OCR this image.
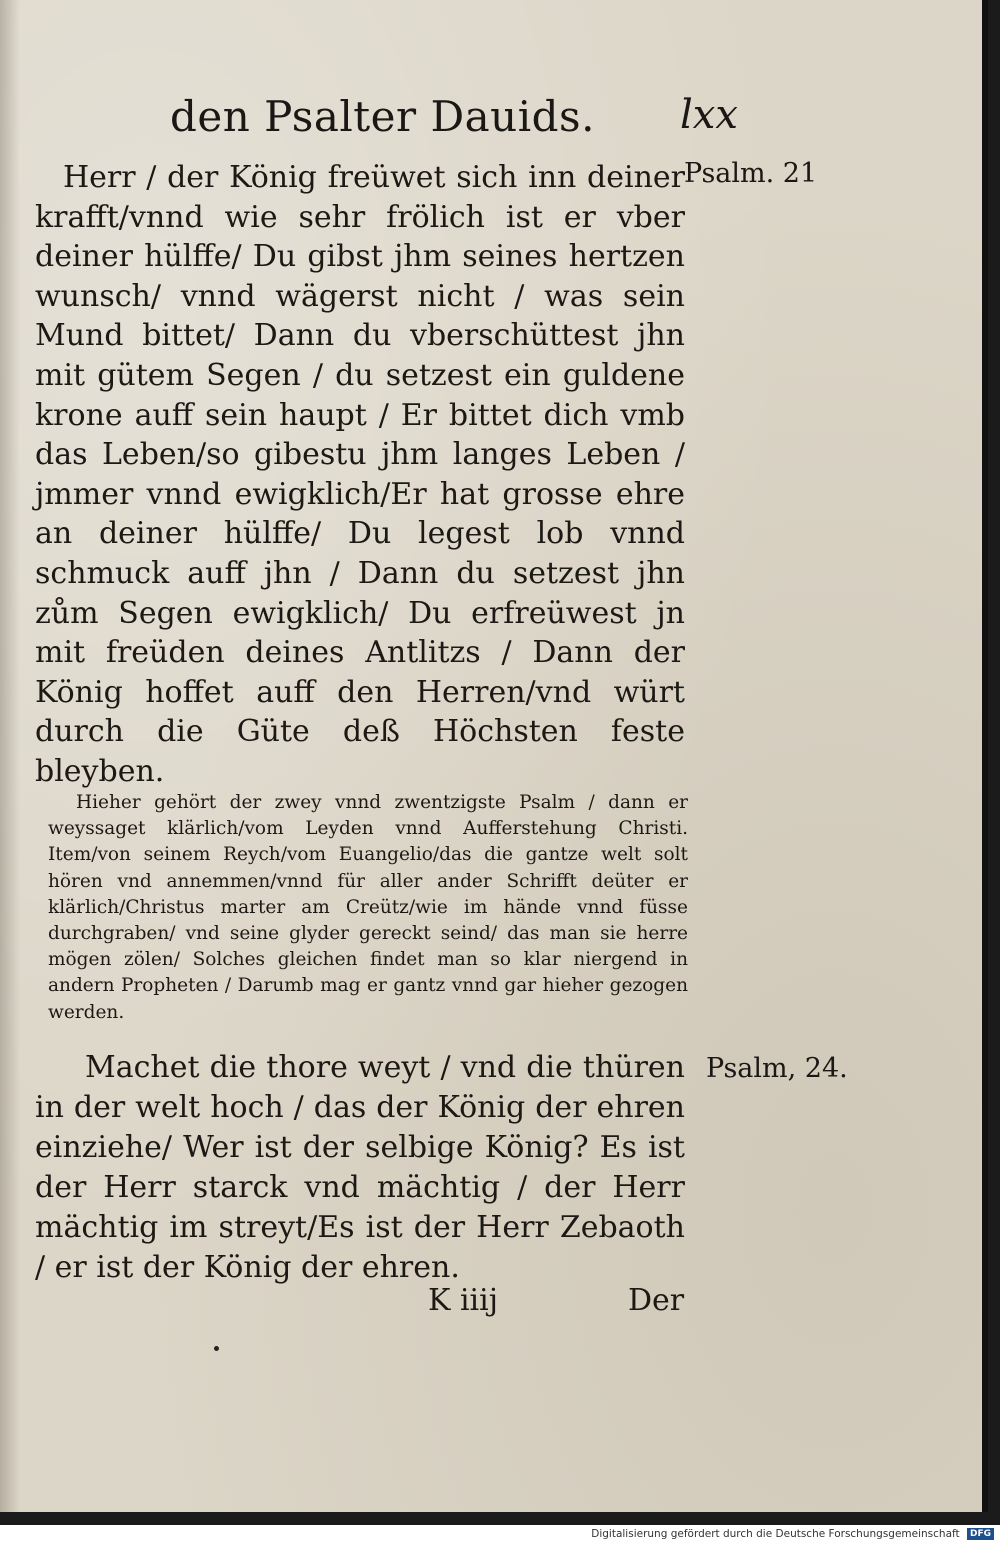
den Psalter Dauids. lxx
Psalm. 21
Psalm, 24.

Herr / der König freüwet sich inn deiner krafft/vnnd wie sehr frölich ist er vber deiner hülffe/ Du gibst jhm seines hertzen wunsch/ vnnd wägerst nicht / was sein Mund bittet/ Dann du vberschüttest jhn mit gütem Segen / du setzest ein guldene krone auff sein haupt / Er bittet dich vmb das Leben/so gibestu jhm langes Leben / jmmer vnnd ewigklich/Er hat grosse ehre an deiner hülffe/ Du legest lob vnnd schmuck auff jhn / Dann du setzest jhn zům Segen ewigklich/ Du erfreüwest jn mit freüden deines Antlitzs / Dann der König hoffet auff den Herren/vnd würt durch die Güte deß Höchsten feste bleyben.

Hieher gehört der zwey vnnd zwentzigste Psalm / dann er weyssaget klärlich/vom Leyden vnnd Aufferstehung Christi. Item/von seinem Reych/vom Euangelio/das die gantze welt solt hören vnd annemmen/vnnd für aller ander Schrifft deüter er klärlich/Christus marter am Creütz/wie im hände vnnd füsse durchgraben/ vnd seine glyder gereckt seind/ das man sie herre mögen zölen/ Solches gleichen findet man so klar niergend in andern Propheten / Darumb mag er gantz vnnd gar hieher gezogen werden.

Machet die thore weyt / vnd die thüren in der welt hoch / das der König der ehren einziehe/ Wer ist der selbige König? Es ist der Herr starck vnd mächtig / der Herr mächtig im streyt/Es ist der Herr Zebaoth / er ist der König der ehren.

K iiij	Der
Digitalisierung gefördert durch die Deutsche Forschungsgemeinschaft DFG
